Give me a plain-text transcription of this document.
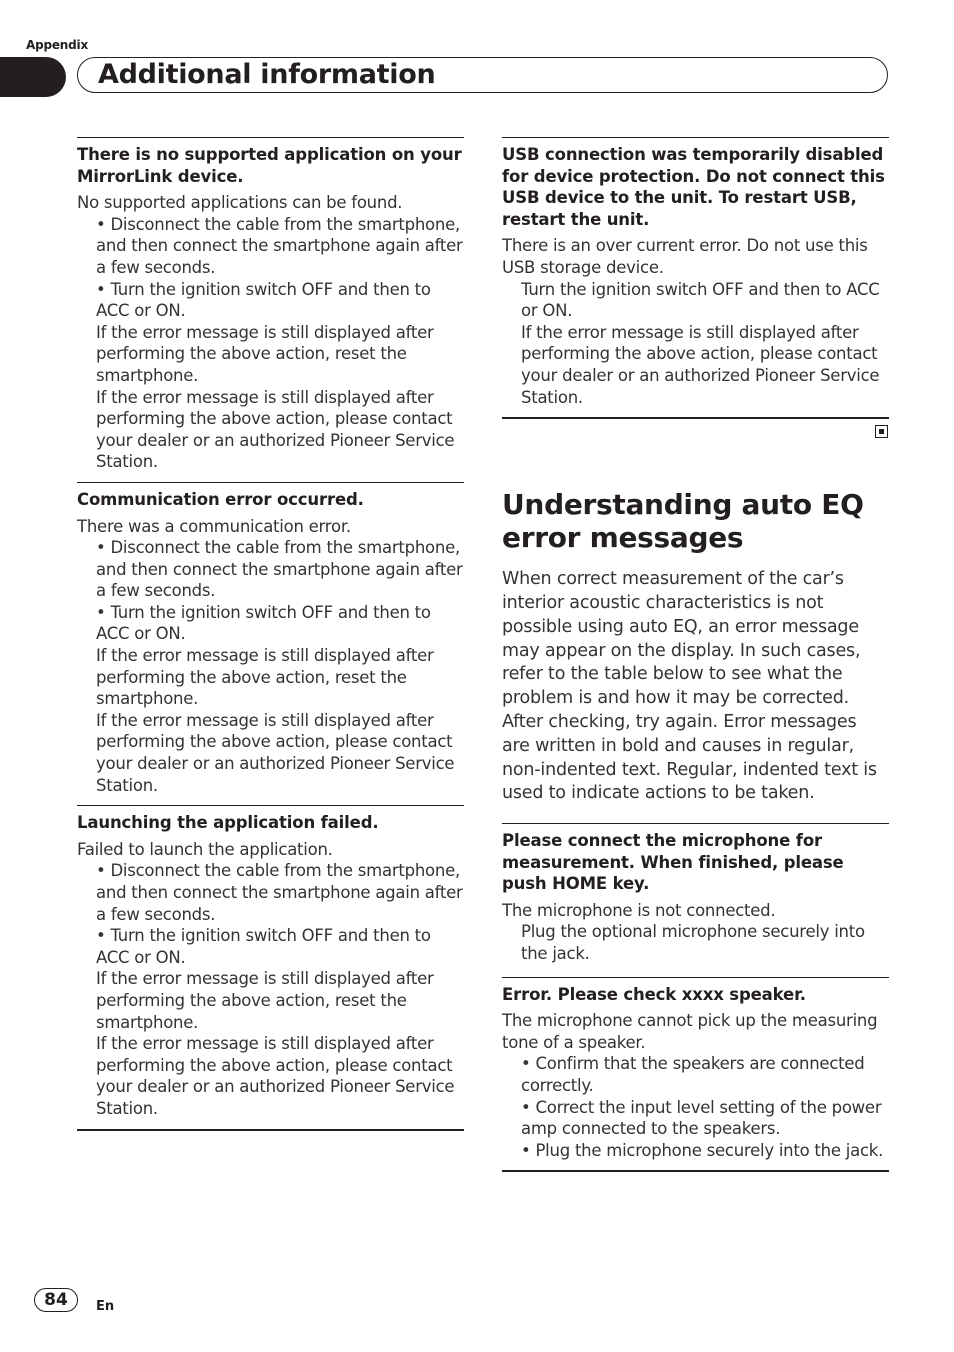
Appendix
Additional information
There is no supported application on your MirrorLink device.
No supported applications can be found.
• Disconnect the cable from the smartphone, and then connect the smartphone again after a few seconds.
• Turn the ignition switch OFF and then to ACC or ON.
If the error message is still displayed after performing the above action, reset the smartphone.
If the error message is still displayed after performing the above action, please contact your dealer or an authorized Pioneer Service Station.
Communication error occurred.
There was a communication error.
• Disconnect the cable from the smartphone, and then connect the smartphone again after a few seconds.
• Turn the ignition switch OFF and then to ACC or ON.
If the error message is still displayed after performing the above action, reset the smartphone.
If the error message is still displayed after performing the above action, please contact your dealer or an authorized Pioneer Service Station.
Launching the application failed.
Failed to launch the application.
• Disconnect the cable from the smartphone, and then connect the smartphone again after a few seconds.
• Turn the ignition switch OFF and then to ACC or ON.
If the error message is still displayed after performing the above action, reset the smartphone.
If the error message is still displayed after performing the above action, please contact your dealer or an authorized Pioneer Service Station.
USB connection was temporarily disabled for device protection. Do not connect this USB device to the unit. To restart USB, restart the unit.
There is an over current error. Do not use this USB storage device.
Turn the ignition switch OFF and then to ACC or ON.
If the error message is still displayed after performing the above action, please contact your dealer or an authorized Pioneer Service Station.
Understanding auto EQ error messages
When correct measurement of the car’s interior acoustic characteristics is not possible using auto EQ, an error message may appear on the display. In such cases, refer to the table below to see what the problem is and how it may be corrected. After checking, try again. Error messages are written in bold and causes in regular, non-indented text. Regular, indented text is used to indicate actions to be taken.
Please connect the microphone for measurement. When finished, please push HOME key.
The microphone is not connected.
Plug the optional microphone securely into the jack.
Error. Please check xxxx speaker.
The microphone cannot pick up the measuring tone of a speaker.
• Confirm that the speakers are connected correctly.
• Correct the input level setting of the power amp connected to the speakers.
• Plug the microphone securely into the jack.
84	En
